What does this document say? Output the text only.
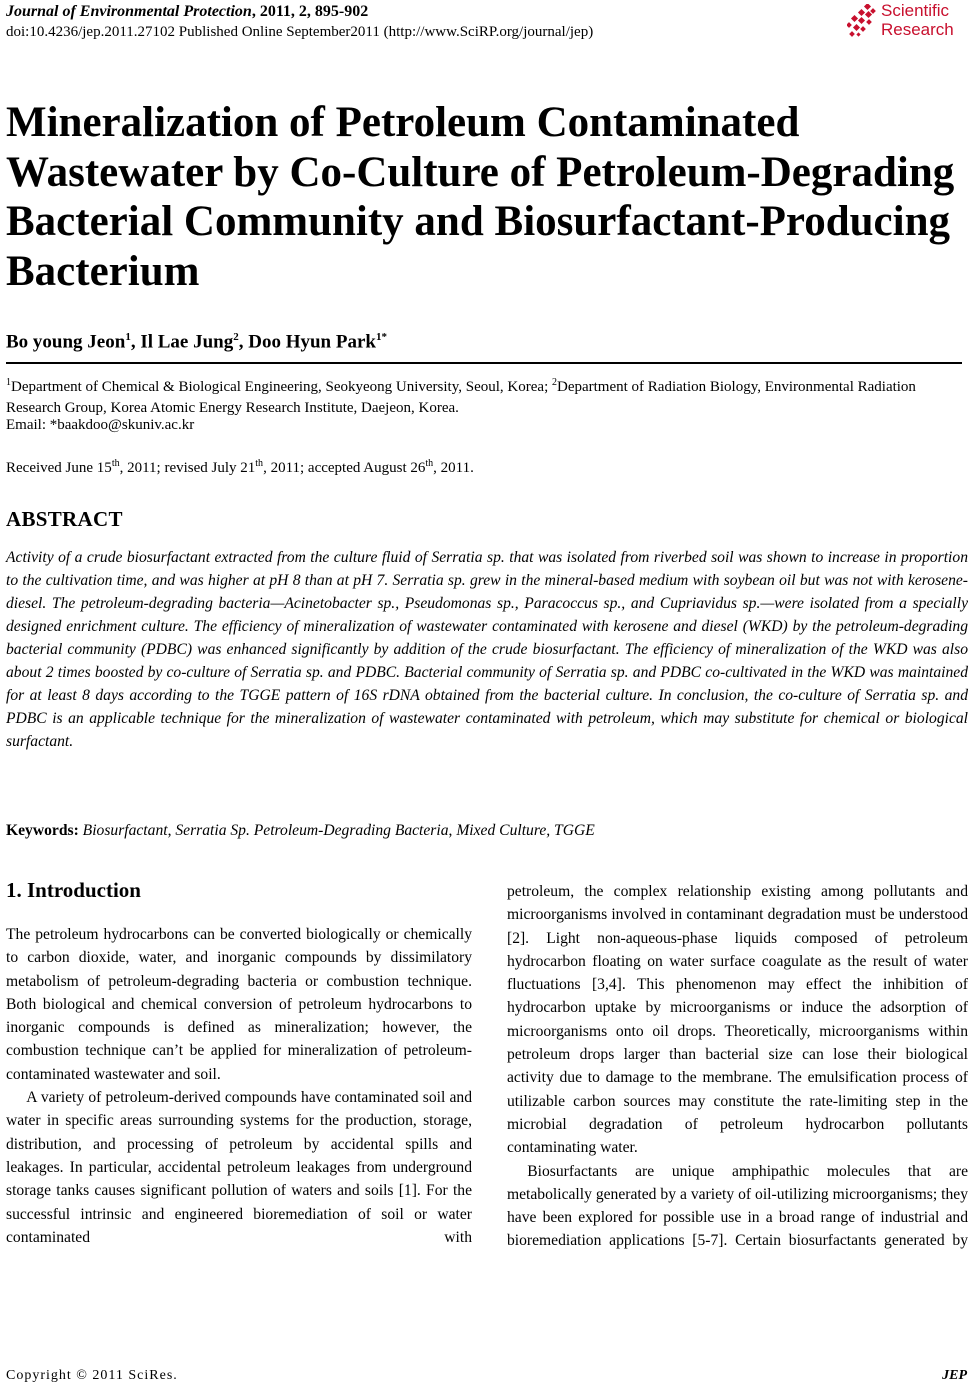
Journal of Environmental Protection, 2011, 2, 895-902
doi:10.4236/jep.2011.27102 Published Online September2011 (http://www.SciRP.org/journal/jep)
Scientific
Research
Mineralization of Petroleum Contaminated Wastewater by Co-Culture of Petroleum-Degrading Bacterial Community and Biosurfactant-Producing Bacterium
Bo young Jeon$^1$, Il Lae Jung$^2$, Doo Hyun Park$^{1*}$
$^1$Department of Chemical & Biological Engineering, Seokyeong University, Seoul, Korea; $^2$Department of Radiation Biology, Environmental Radiation Research Group, Korea Atomic Energy Research Institute, Daejeon, Korea.
Email: *baakdoo@skuniv.ac.kr
Received June 15th, 2011; revised July 21th, 2011; accepted August 26th, 2011.
ABSTRACT
Activity of a crude biosurfactant extracted from the culture fluid of Serratia sp. that was isolated from riverbed soil was shown to increase in proportion to the cultivation time, and was higher at pH 8 than at pH 7. Serratia sp. grew in the mineral-based medium with soybean oil but was not with kerosene-diesel. The petroleum-degrading bacteria—Acinetobacter sp., Pseudomonas sp., Paracoccus sp., and Cupriavidus sp.—were isolated from a specially designed enrichment culture. The efficiency of mineralization of wastewater contaminated with kerosene and diesel (WKD) by the petroleum-degrading bacterial community (PDBC) was enhanced significantly by addition of the crude biosurfactant. The efficiency of mineralization of the WKD was also about 2 times boosted by co-culture of Serratia sp. and PDBC. Bacterial community of Serratia sp. and PDBC co-cultivated in the WKD was maintained for at least 8 days according to the TGGE pattern of 16S rDNA obtained from the bacterial culture. In conclusion, the co-culture of Serratia sp. and PDBC is an applicable technique for the mineralization of wastewater contaminated with petroleum, which may substitute for chemical or biological surfactant.
Keywords: Biosurfactant, Serratia Sp. Petroleum-Degrading Bacteria, Mixed Culture, TGGE
1. Introduction

The petroleum hydrocarbons can be converted biologically or chemically to carbon dioxide, water, and inorganic compounds by dissimilatory metabolism of petroleum-degrading bacteria or combustion technique. Both biological and chemical conversion of petroleum hydrocarbons to inorganic compounds is defined as mineralization; however, the combustion technique can’t be applied for mineralization of petroleum-contaminated wastewater and soil.

A variety of petroleum-derived compounds have contaminated soil and water in specific areas surrounding systems for the production, storage, distribution, and processing of petroleum by accidental spills and leakages. In particular, accidental petroleum leakages from underground storage tanks causes significant pollution of waters and soils [1]. For the successful intrinsic and engineered bioremediation of soil or water contaminated with

petroleum, the complex relationship existing among pollutants and microorganisms involved in contaminant degradation must be understood [2]. Light non-aqueous-phase liquids composed of petroleum hydrocarbon floating on water surface coagulate as the result of water fluctuations [3,4]. This phenomenon may effect the inhibition of hydrocarbon uptake by microorganisms or induce the adsorption of microorganisms onto oil drops. Theoretically, microorganisms within petroleum drops larger than bacterial size can lose their biological activity due to damage to the membrane. The emulsification process of utilizable carbon sources may constitute the rate-limiting step in the microbial degradation of petroleum hydrocarbon pollutants contaminating water.

Biosurfactants are unique amphipathic molecules that are metabolically generated by a variety of oil-utilizing microorganisms; they have been explored for possible use in a broad range of industrial and bioremediation applications [5-7]. Certain biosurfactants generated by

Copyright © 2011 SciRes.	JEP
